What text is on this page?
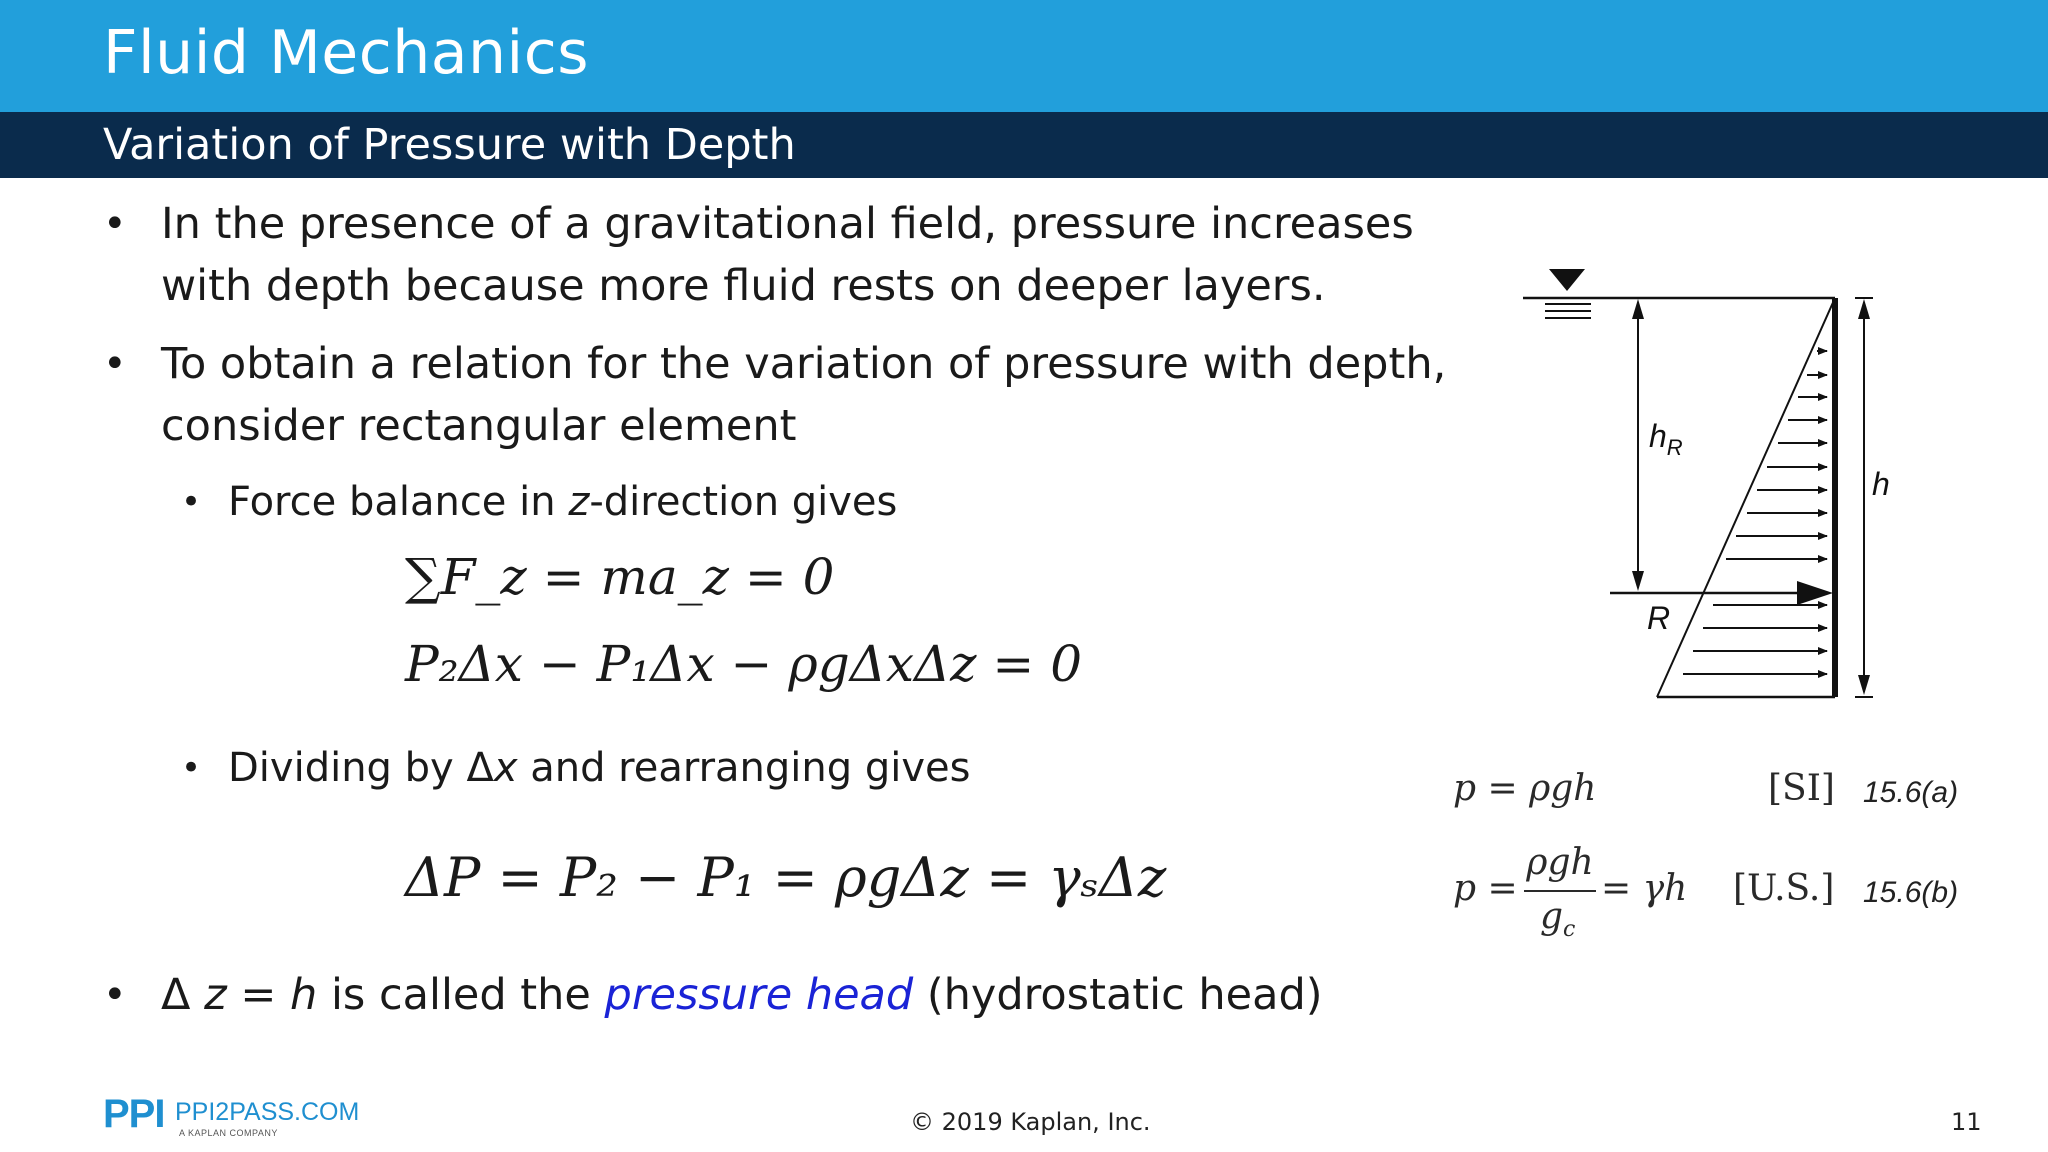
Fluid Mechanics
Variation of Pressure with Depth
• In the presence of a gravitational field, pressure increases
with depth because more fluid rests on deeper layers.
• To obtain a relation for the variation of pressure with depth,
consider rectangular element
• Force balance in z-direction gives
∑F_z = ma_z = 0
P₂Δx − P₁Δx − ρgΔxΔz = 0
• Dividing by Δx and rearranging gives
ΔP = P₂ − P₁ = ρgΔz = γₛΔz
• Δ z = h is called the pressure head (hydrostatic head)
$h_R$
h
R
p = ρgh	[SI] 15.6(a)
p =
ρgh
$g_c$
= γh [U.S.] 15.6(b)
PPI PPI2PASS.COM
A KAPLAN COMPANY	© 2019 Kaplan, Inc.	11
